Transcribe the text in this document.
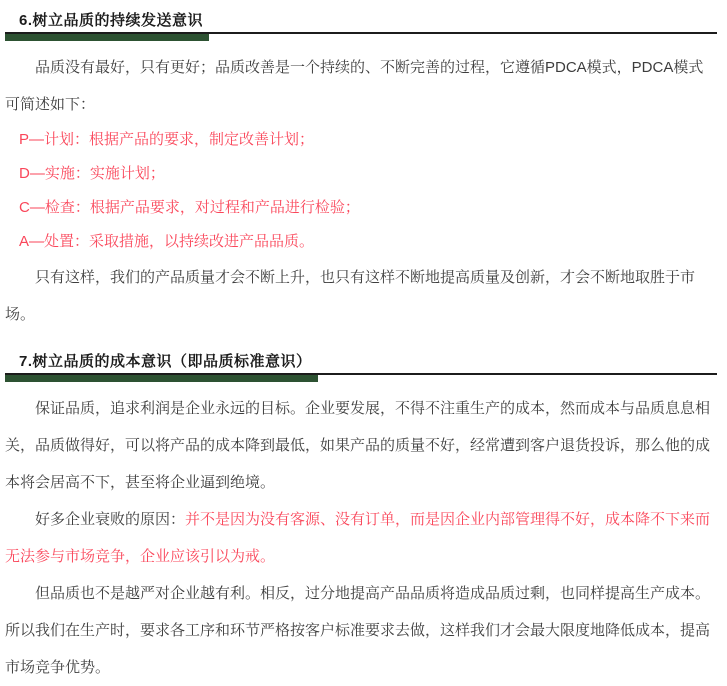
6.树立品质的持续发送意识

品质没有最好，只有更好；品质改善是一个持续的、不断完善的过程，它遵循PDCA模式，PDCA模式可简述如下：

P—计划：根据产品的要求，制定改善计划；
D—实施：实施计划；
C—检查：根据产品要求，对过程和产品进行检验；
A—处置：采取措施，以持续改进产品品质。

只有这样，我们的产品质量才会不断上升，也只有这样不断地提高质量及创新，才会不断地取胜于市场。

7.树立品质的成本意识（即品质标准意识）

保证品质，追求利润是企业永远的目标。企业要发展，不得不注重生产的成本，然而成本与品质息息相关，品质做得好，可以将产品的成本降到最低，如果产品的质量不好，经常遭到客户退货投诉，那么他的成本将会居高不下，甚至将企业逼到绝境。

好多企业衰败的原因：并不是因为没有客源、没有订单，而是因企业内部管理得不好，成本降不下来而无法参与市场竞争，企业应该引以为戒。

但品质也不是越严对企业越有利。相反，过分地提高产品品质将造成品质过剩，也同样提高生产成本。所以我们在生产时，要求各工序和环节严格按客户标准要求去做，这样我们才会最大限度地降低成本，提高市场竞争优势。
